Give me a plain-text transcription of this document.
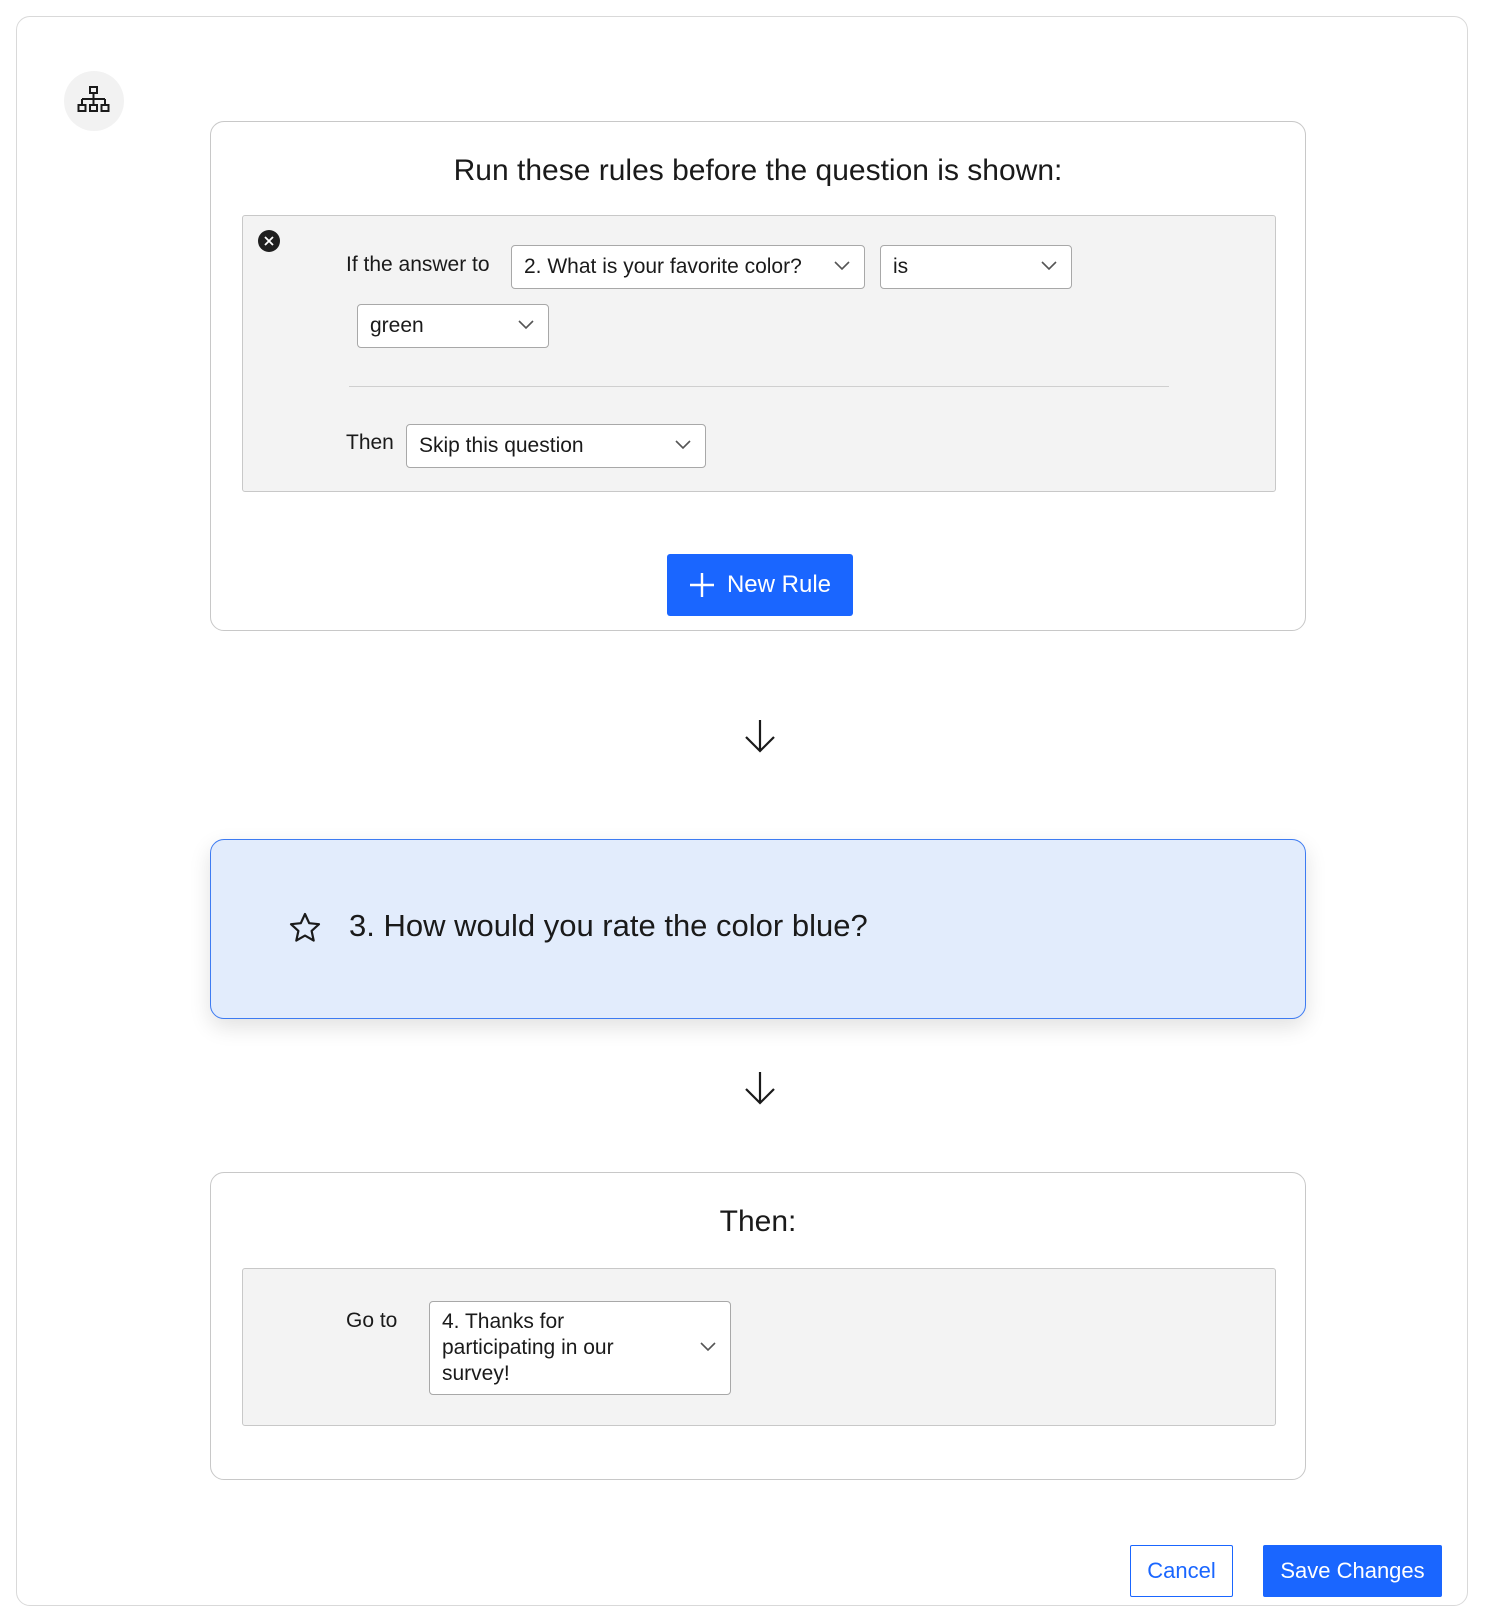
Run these rules before the question is shown:
If the answer to 2. What is your favorite color?	is
green
Then Skip this question
New Rule
3. How would you rate the color blue?
Then:
Go to 4. Thanks for participating in our survey!
Cancel	Save Changes
